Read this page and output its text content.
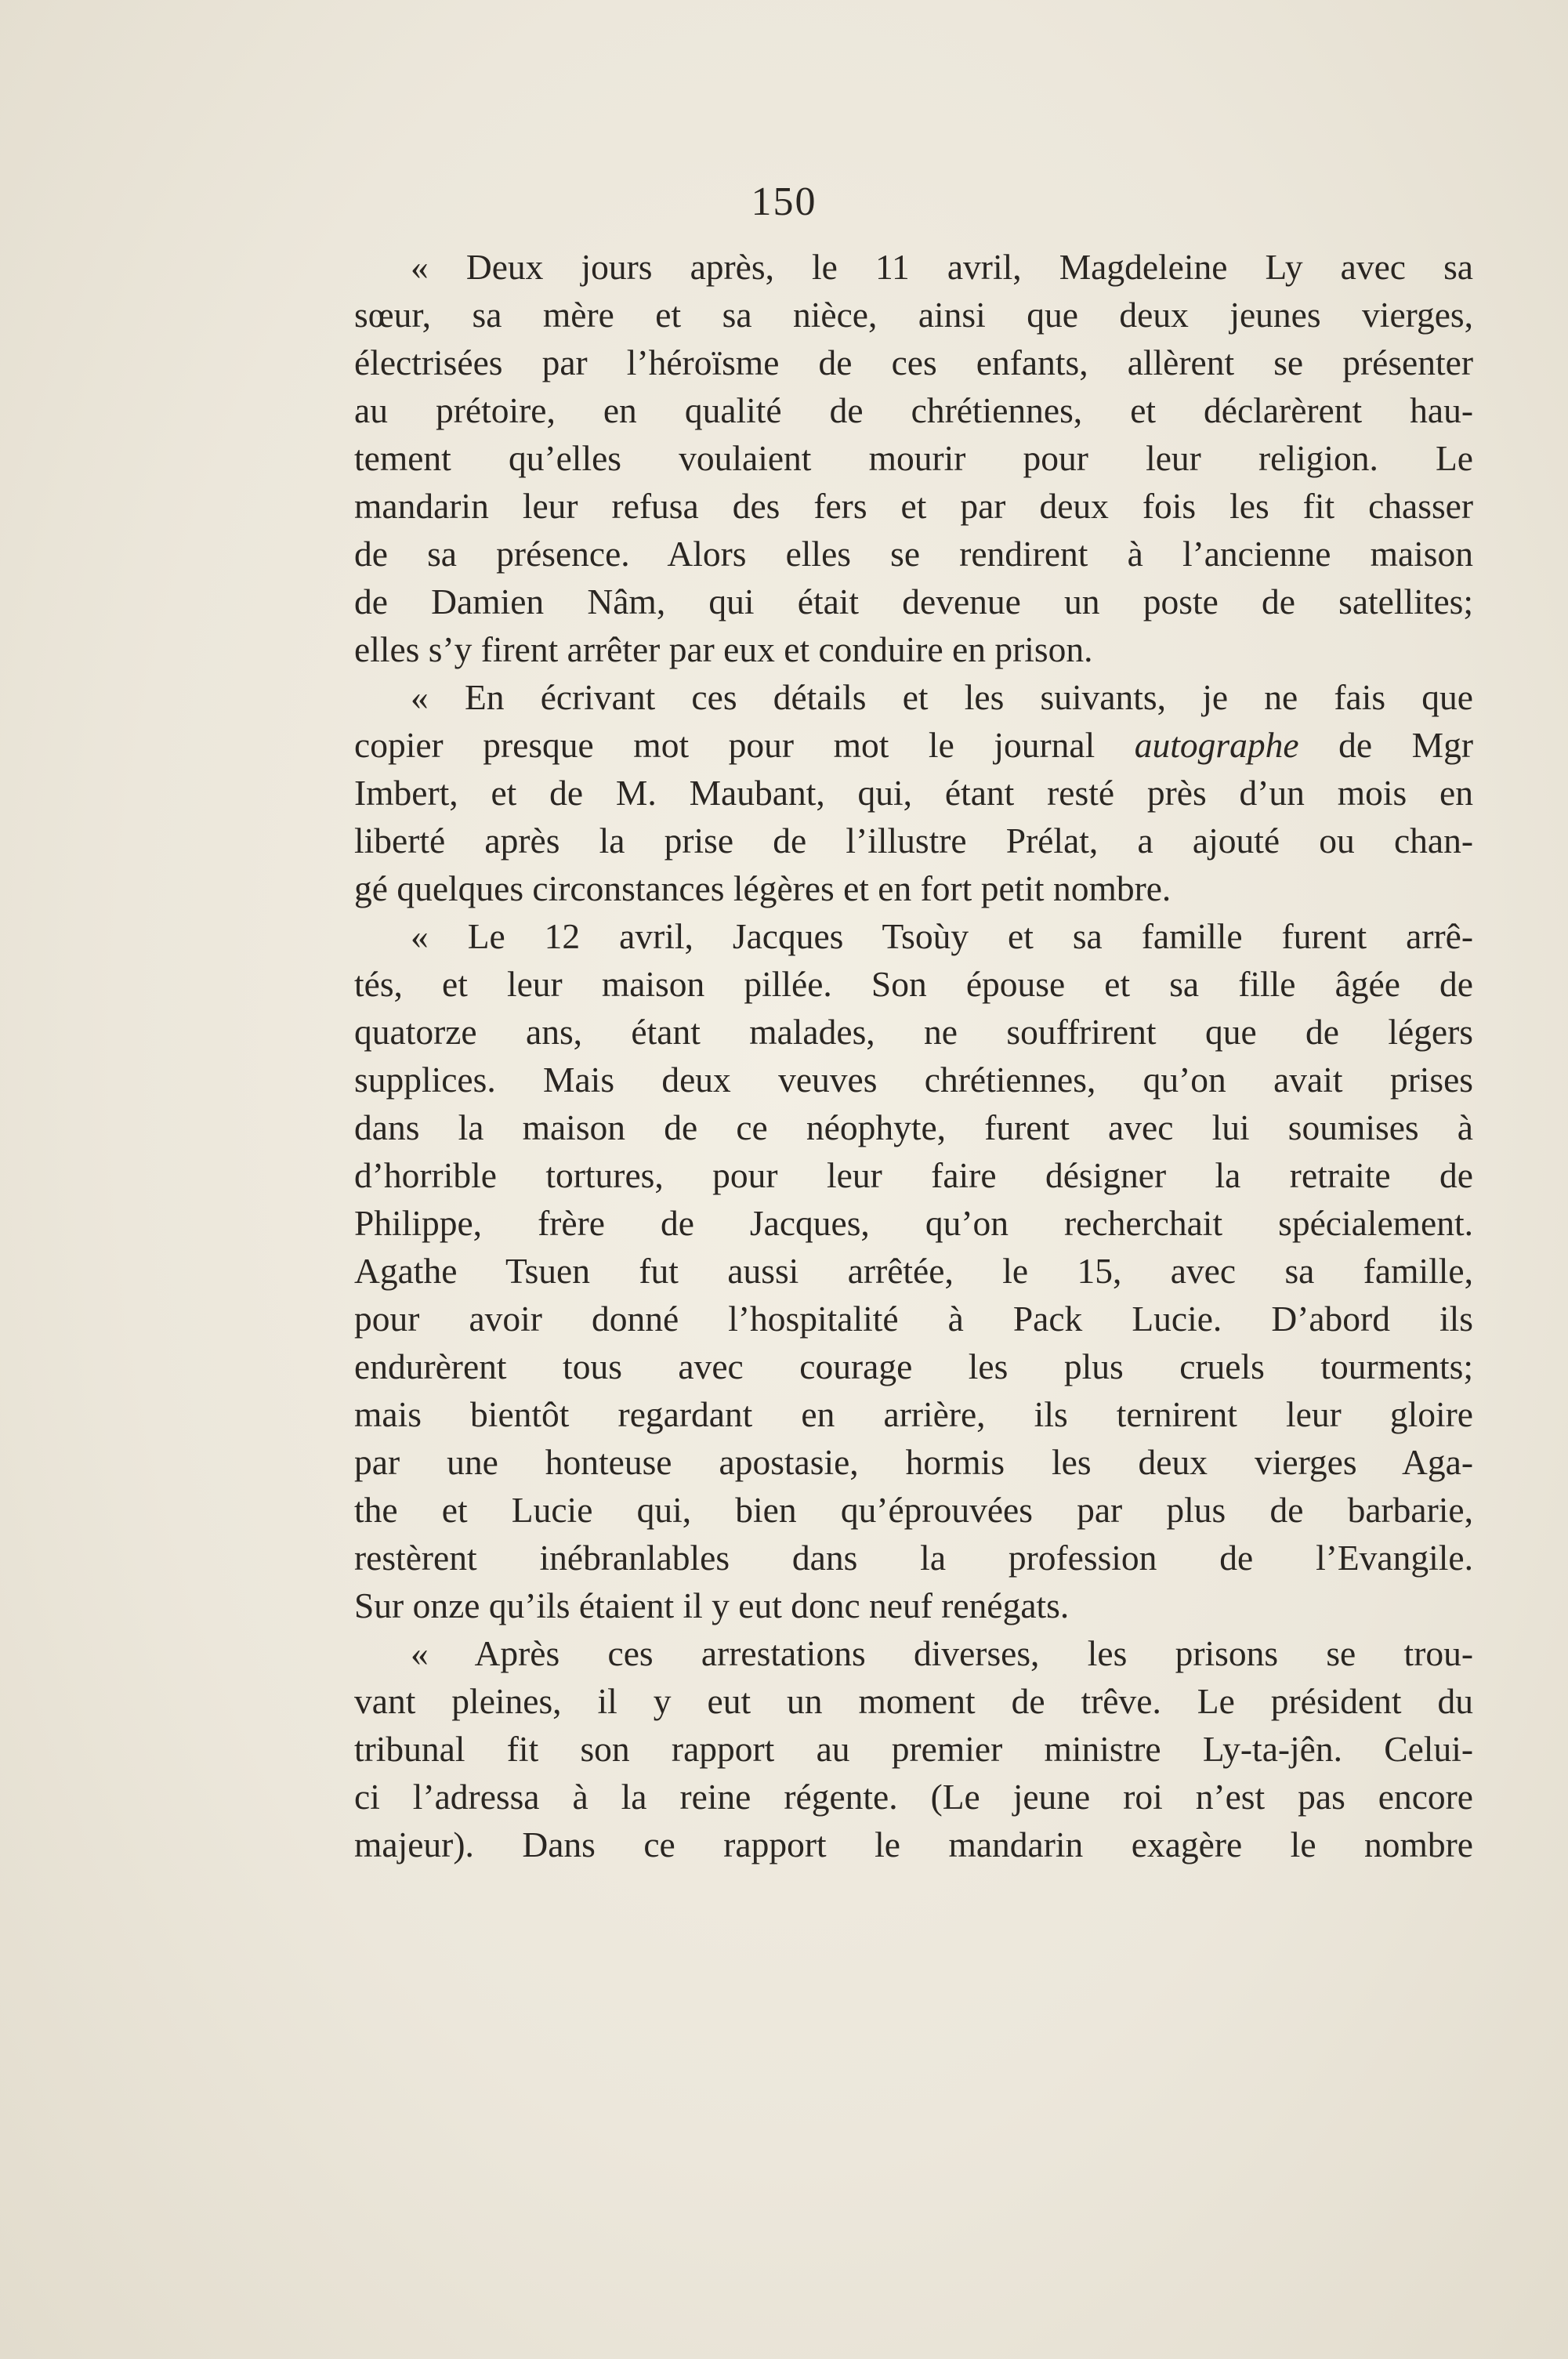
150
« Deux jours après, le 11 avril, Magdeleine Ly avec sa
sœur, sa mère et sa nièce, ainsi que deux jeunes vierges,
électrisées par l’héroïsme de ces enfants, allèrent se présenter
au prétoire, en qualité de chrétiennes, et déclarèrent hau-
tement qu’elles voulaient mourir pour leur religion. Le
mandarin leur refusa des fers et par deux fois les fit chasser
de sa présence. Alors elles se rendirent à l’ancienne maison
de Damien Nâm, qui était devenue un poste de satellites;
elles s’y firent arrêter par eux et conduire en prison.
« En écrivant ces détails et les suivants, je ne fais que
copier presque mot pour mot le journal autographe de Mgr
Imbert, et de M. Maubant, qui, étant resté près d’un mois en
liberté après la prise de l’illustre Prélat, a ajouté ou chan-
gé quelques circonstances légères et en fort petit nombre.
« Le 12 avril, Jacques Tsoùy et sa famille furent arrê-
tés, et leur maison pillée. Son épouse et sa fille âgée de
quatorze ans, étant malades, ne souffrirent que de légers
supplices. Mais deux veuves chrétiennes, qu’on avait prises
dans la maison de ce néophyte, furent avec lui soumises à
d’horrible tortures, pour leur faire désigner la retraite de
Philippe, frère de Jacques, qu’on recherchait spécialement.
Agathe Tsuen fut aussi arrêtée, le 15, avec sa famille,
pour avoir donné l’hospitalité à Pack Lucie. D’abord ils
endurèrent tous avec courage les plus cruels tourments;
mais bientôt regardant en arrière, ils ternirent leur gloire
par une honteuse apostasie, hormis les deux vierges Aga-
the et Lucie qui, bien qu’éprouvées par plus de barbarie,
restèrent inébranlables dans la profession de l’Evangile.
Sur onze qu’ils étaient il y eut donc neuf renégats.
« Après ces arrestations diverses, les prisons se trou-
vant pleines, il y eut un moment de trêve. Le président du
tribunal fit son rapport au premier ministre Ly-ta-jên. Celui-
ci l’adressa à la reine régente. (Le jeune roi n’est pas encore
majeur). Dans ce rapport le mandarin exagère le nombre
